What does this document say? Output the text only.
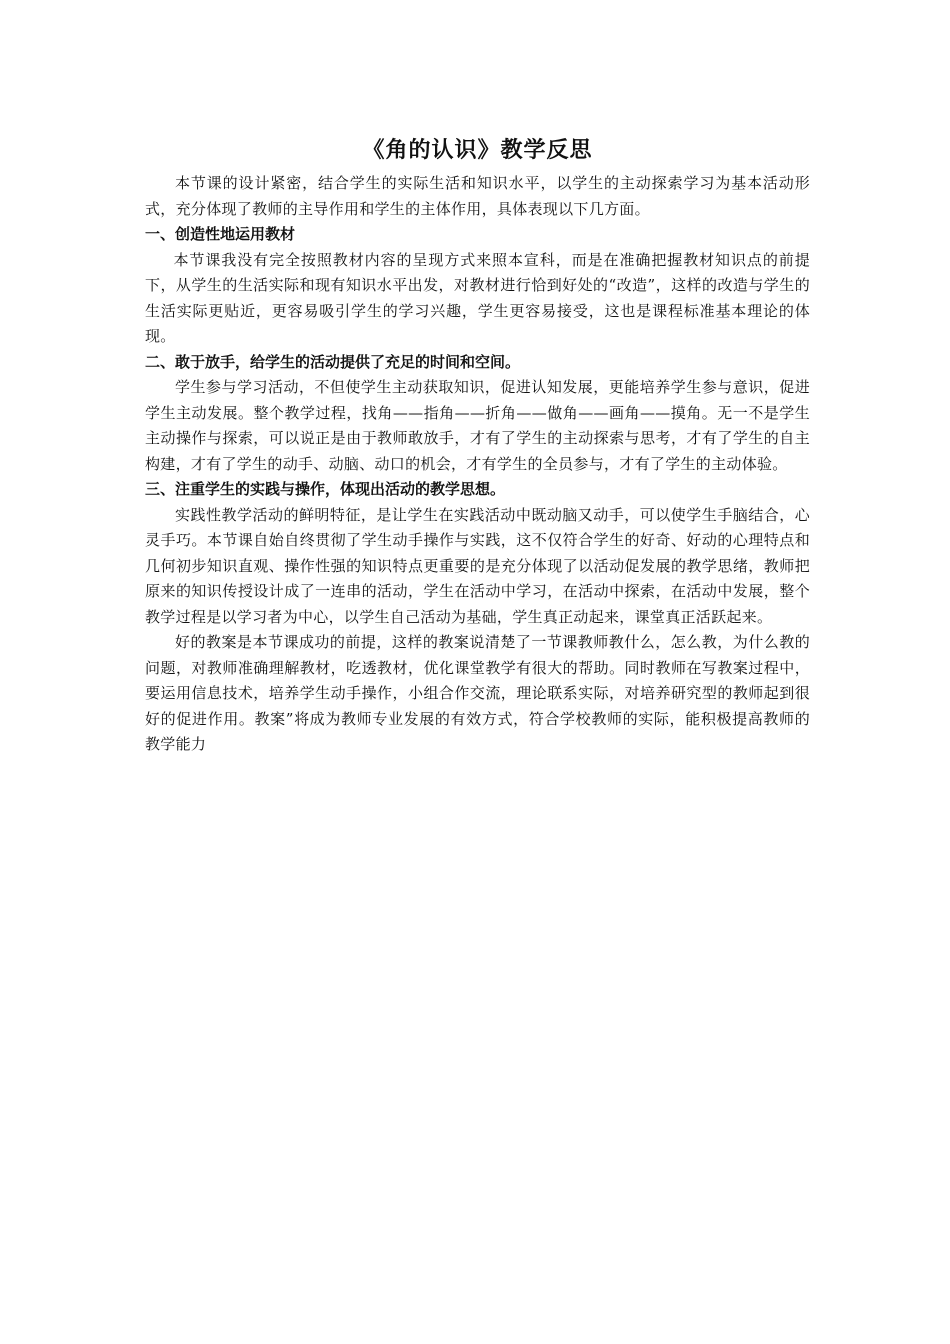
《角的认识》教学反思

本节课的设计紧密，结合学生的实际生活和知识水平，以学生的主动探索学习为基本活动形式，充分体现了教师的主导作用和学生的主体作用，具体表现以下几方面。

一、创造性地运用教材

本节课我没有完全按照教材内容的呈现方式来照本宣科，而是在准确把握教材知识点的前提下，从学生的生活实际和现有知识水平出发，对教材进行恰到好处的“改造”，这样的改造与学生的生活实际更贴近，更容易吸引学生的学习兴趣，学生更容易接受，这也是课程标准基本理论的体现。

二、敢于放手，给学生的活动提供了充足的时间和空间。

学生参与学习活动，不但使学生主动获取知识，促进认知发展，更能培养学生参与意识，促进学生主动发展。整个教学过程，找角——指角——折角——做角——画角——摸角。无一不是学生主动操作与探索，可以说正是由于教师敢放手，才有了学生的主动探索与思考，才有了学生的自主构建，才有了学生的动手、动脑、动口的机会，才有学生的全员参与，才有了学生的主动体验。

三、注重学生的实践与操作，体现出活动的教学思想。

实践性教学活动的鲜明特征，是让学生在实践活动中既动脑又动手，可以使学生手脑结合，心灵手巧。本节课自始自终贯彻了学生动手操作与实践，这不仅符合学生的好奇、好动的心理特点和几何初步知识直观、操作性强的知识特点更重要的是充分体现了以活动促发展的教学思绪，教师把原来的知识传授设计成了一连串的活动，学生在活动中学习，在活动中探索，在活动中发展，整个教学过程是以学习者为中心，以学生自己活动为基础，学生真正动起来，课堂真正活跃起来。

好的教案是本节课成功的前提，这样的教案说清楚了一节课教师教什么，怎么教，为什么教的问题，对教师准确理解教材，吃透教材，优化课堂教学有很大的帮助。同时教师在写教案过程中，要运用信息技术，培养学生动手操作，小组合作交流，理论联系实际，对培养研究型的教师起到很好的促进作用。教案”将成为教师专业发展的有效方式，符合学校教师的实际，能积极提高教师的教学能力
